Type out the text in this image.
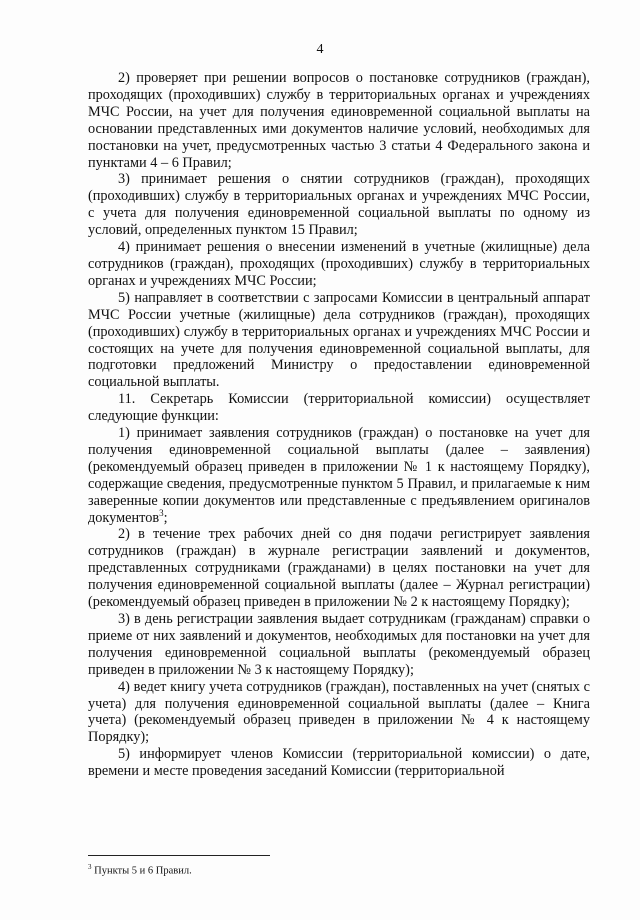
4

2) проверяет при решении вопросов о постановке сотрудников (граждан), проходящих (проходивших) службу в территориальных органах и учреждениях МЧС России, на учет для получения единовременной социальной выплаты на основании представленных ими документов наличие условий, необходимых для постановки на учет, предусмотренных частью 3 статьи 4 Федерального закона и пунктами 4 – 6 Правил;

3) принимает решения о снятии сотрудников (граждан), проходящих (проходивших) службу в территориальных органах и учреждениях МЧС России, с учета для получения единовременной социальной выплаты по одному из условий, определенных пунктом 15 Правил;

4) принимает решения о внесении изменений в учетные (жилищные) дела сотрудников (граждан), проходящих (проходивших) службу в территориальных органах и учреждениях МЧС России;

5) направляет в соответствии с запросами Комиссии в центральный аппарат МЧС России учетные (жилищные) дела сотрудников (граждан), проходящих (проходивших) службу в территориальных органах и учреждениях МЧС России и состоящих на учете для получения единовременной социальной выплаты, для подготовки предложений Министру о предоставлении единовременной социальной выплаты.

11. Секретарь Комиссии (территориальной комиссии) осуществляет следующие функции:

1) принимает заявления сотрудников (граждан) о постановке на учет для получения единовременной социальной выплаты (далее – заявления) (рекомендуемый образец приведен в приложении № 1 к настоящему Порядку), содержащие сведения, предусмотренные пунктом 5 Правил, и прилагаемые к ним заверенные копии документов или представленные с предъявлением оригиналов документов$^3$;

2) в течение трех рабочих дней со дня подачи регистрирует заявления сотрудников (граждан) в журнале регистрации заявлений и документов, представленных сотрудниками (гражданами) в целях постановки на учет для получения единовременной социальной выплаты (далее – Журнал регистрации) (рекомендуемый образец приведен в приложении № 2 к настоящему Порядку);

3) в день регистрации заявления выдает сотрудникам (гражданам) справки о приеме от них заявлений и документов, необходимых для постановки на учет для получения единовременной социальной выплаты (рекомендуемый образец приведен в приложении № 3 к настоящему Порядку);

4) ведет книгу учета сотрудников (граждан), поставленных на учет (снятых с учета) для получения единовременной социальной выплаты (далее – Книга учета) (рекомендуемый образец приведен в приложении № 4 к настоящему Порядку);

5) информирует членов Комиссии (территориальной комиссии) о дате, времени и месте проведения заседаний Комиссии (территориальной

$^3$ Пункты 5 и 6 Правил.
